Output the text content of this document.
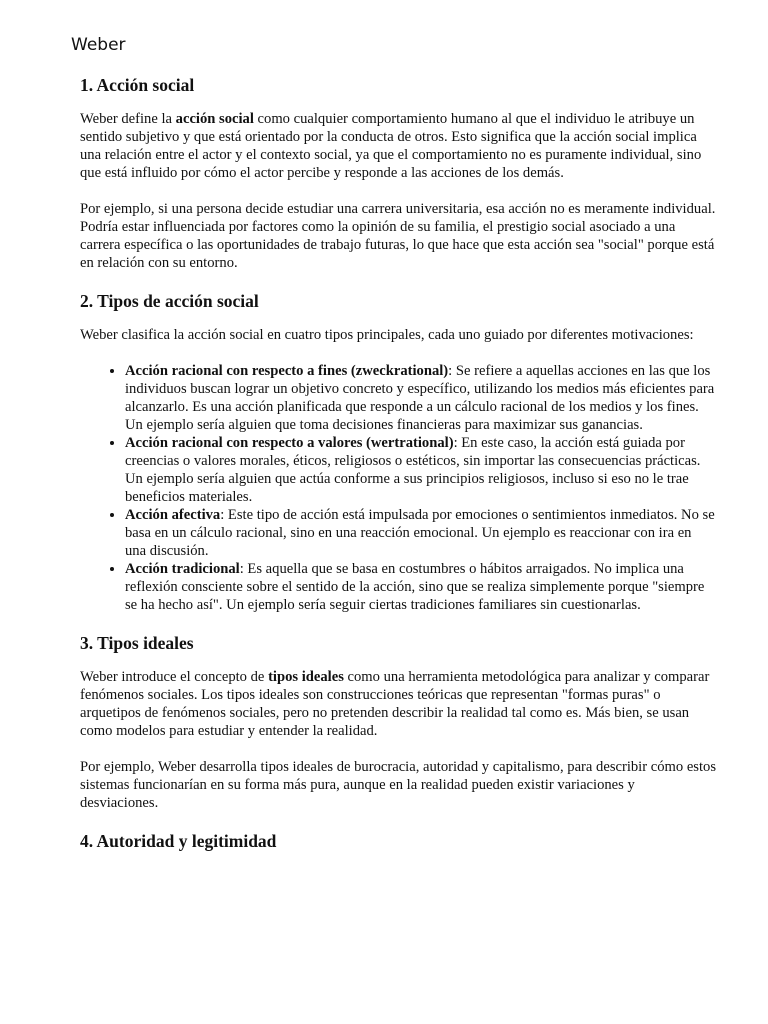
Weber
1. Acción social

Weber define la acción social como cualquier comportamiento humano al que el individuo le atribuye un sentido subjetivo y que está orientado por la conducta de otros. Esto significa que la acción social implica una relación entre el actor y el contexto social, ya que el comportamiento no es puramente individual, sino que está influido por cómo el actor percibe y responde a las acciones de los demás.

Por ejemplo, si una persona decide estudiar una carrera universitaria, esa acción no es meramente individual. Podría estar influenciada por factores como la opinión de su familia, el prestigio social asociado a una carrera específica o las oportunidades de trabajo futuras, lo que hace que esta acción sea "social" porque está en relación con su entorno.

2. Tipos de acción social

Weber clasifica la acción social en cuatro tipos principales, cada uno guiado por diferentes motivaciones:

• Acción racional con respecto a fines (zweckrational): Se refiere a aquellas acciones en las que los individuos buscan lograr un objetivo concreto y específico, utilizando los medios más eficientes para alcanzarlo. Es una acción planificada que responde a un cálculo racional de los medios y los fines. Un ejemplo sería alguien que toma decisiones financieras para maximizar sus ganancias.
• Acción racional con respecto a valores (wertrational): En este caso, la acción está guiada por creencias o valores morales, éticos, religiosos o estéticos, sin importar las consecuencias prácticas. Un ejemplo sería alguien que actúa conforme a sus principios religiosos, incluso si eso no le trae beneficios materiales.
• Acción afectiva: Este tipo de acción está impulsada por emociones o sentimientos inmediatos. No se basa en un cálculo racional, sino en una reacción emocional. Un ejemplo es reaccionar con ira en una discusión.
• Acción tradicional: Es aquella que se basa en costumbres o hábitos arraigados. No implica una reflexión consciente sobre el sentido de la acción, sino que se realiza simplemente porque "siempre se ha hecho así". Un ejemplo sería seguir ciertas tradiciones familiares sin cuestionarlas.
3. Tipos ideales

Weber introduce el concepto de tipos ideales como una herramienta metodológica para analizar y comparar fenómenos sociales. Los tipos ideales son construcciones teóricas que representan "formas puras" o arquetipos de fenómenos sociales, pero no pretenden describir la realidad tal como es. Más bien, se usan como modelos para estudiar y entender la realidad.

Por ejemplo, Weber desarrolla tipos ideales de burocracia, autoridad y capitalismo, para describir cómo estos sistemas funcionarían en su forma más pura, aunque en la realidad pueden existir variaciones y desviaciones.

4. Autoridad y legitimidad
